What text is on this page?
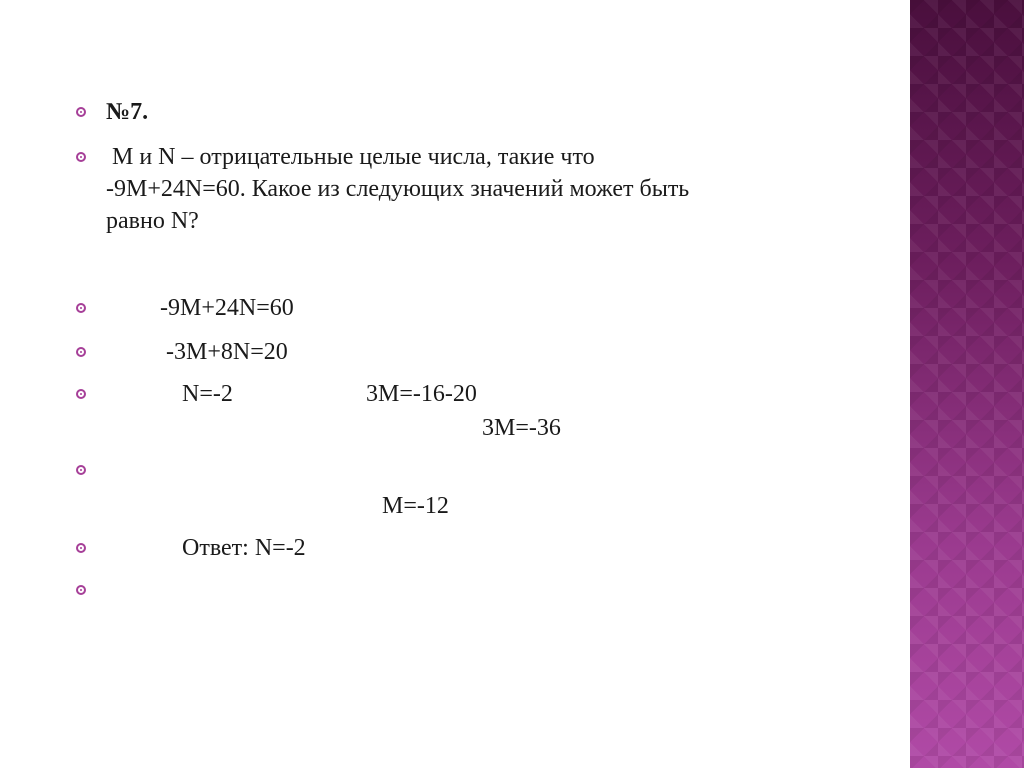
№7.
M и N – отрицательные целые числа, такие что
-9M+24N=60. Какое из следующих значений может быть
равно N?
-9M+24N=60
-3M+8N=20
N=-2	3M=-16-20
3M=-36
M=-12
Ответ: N=-2
